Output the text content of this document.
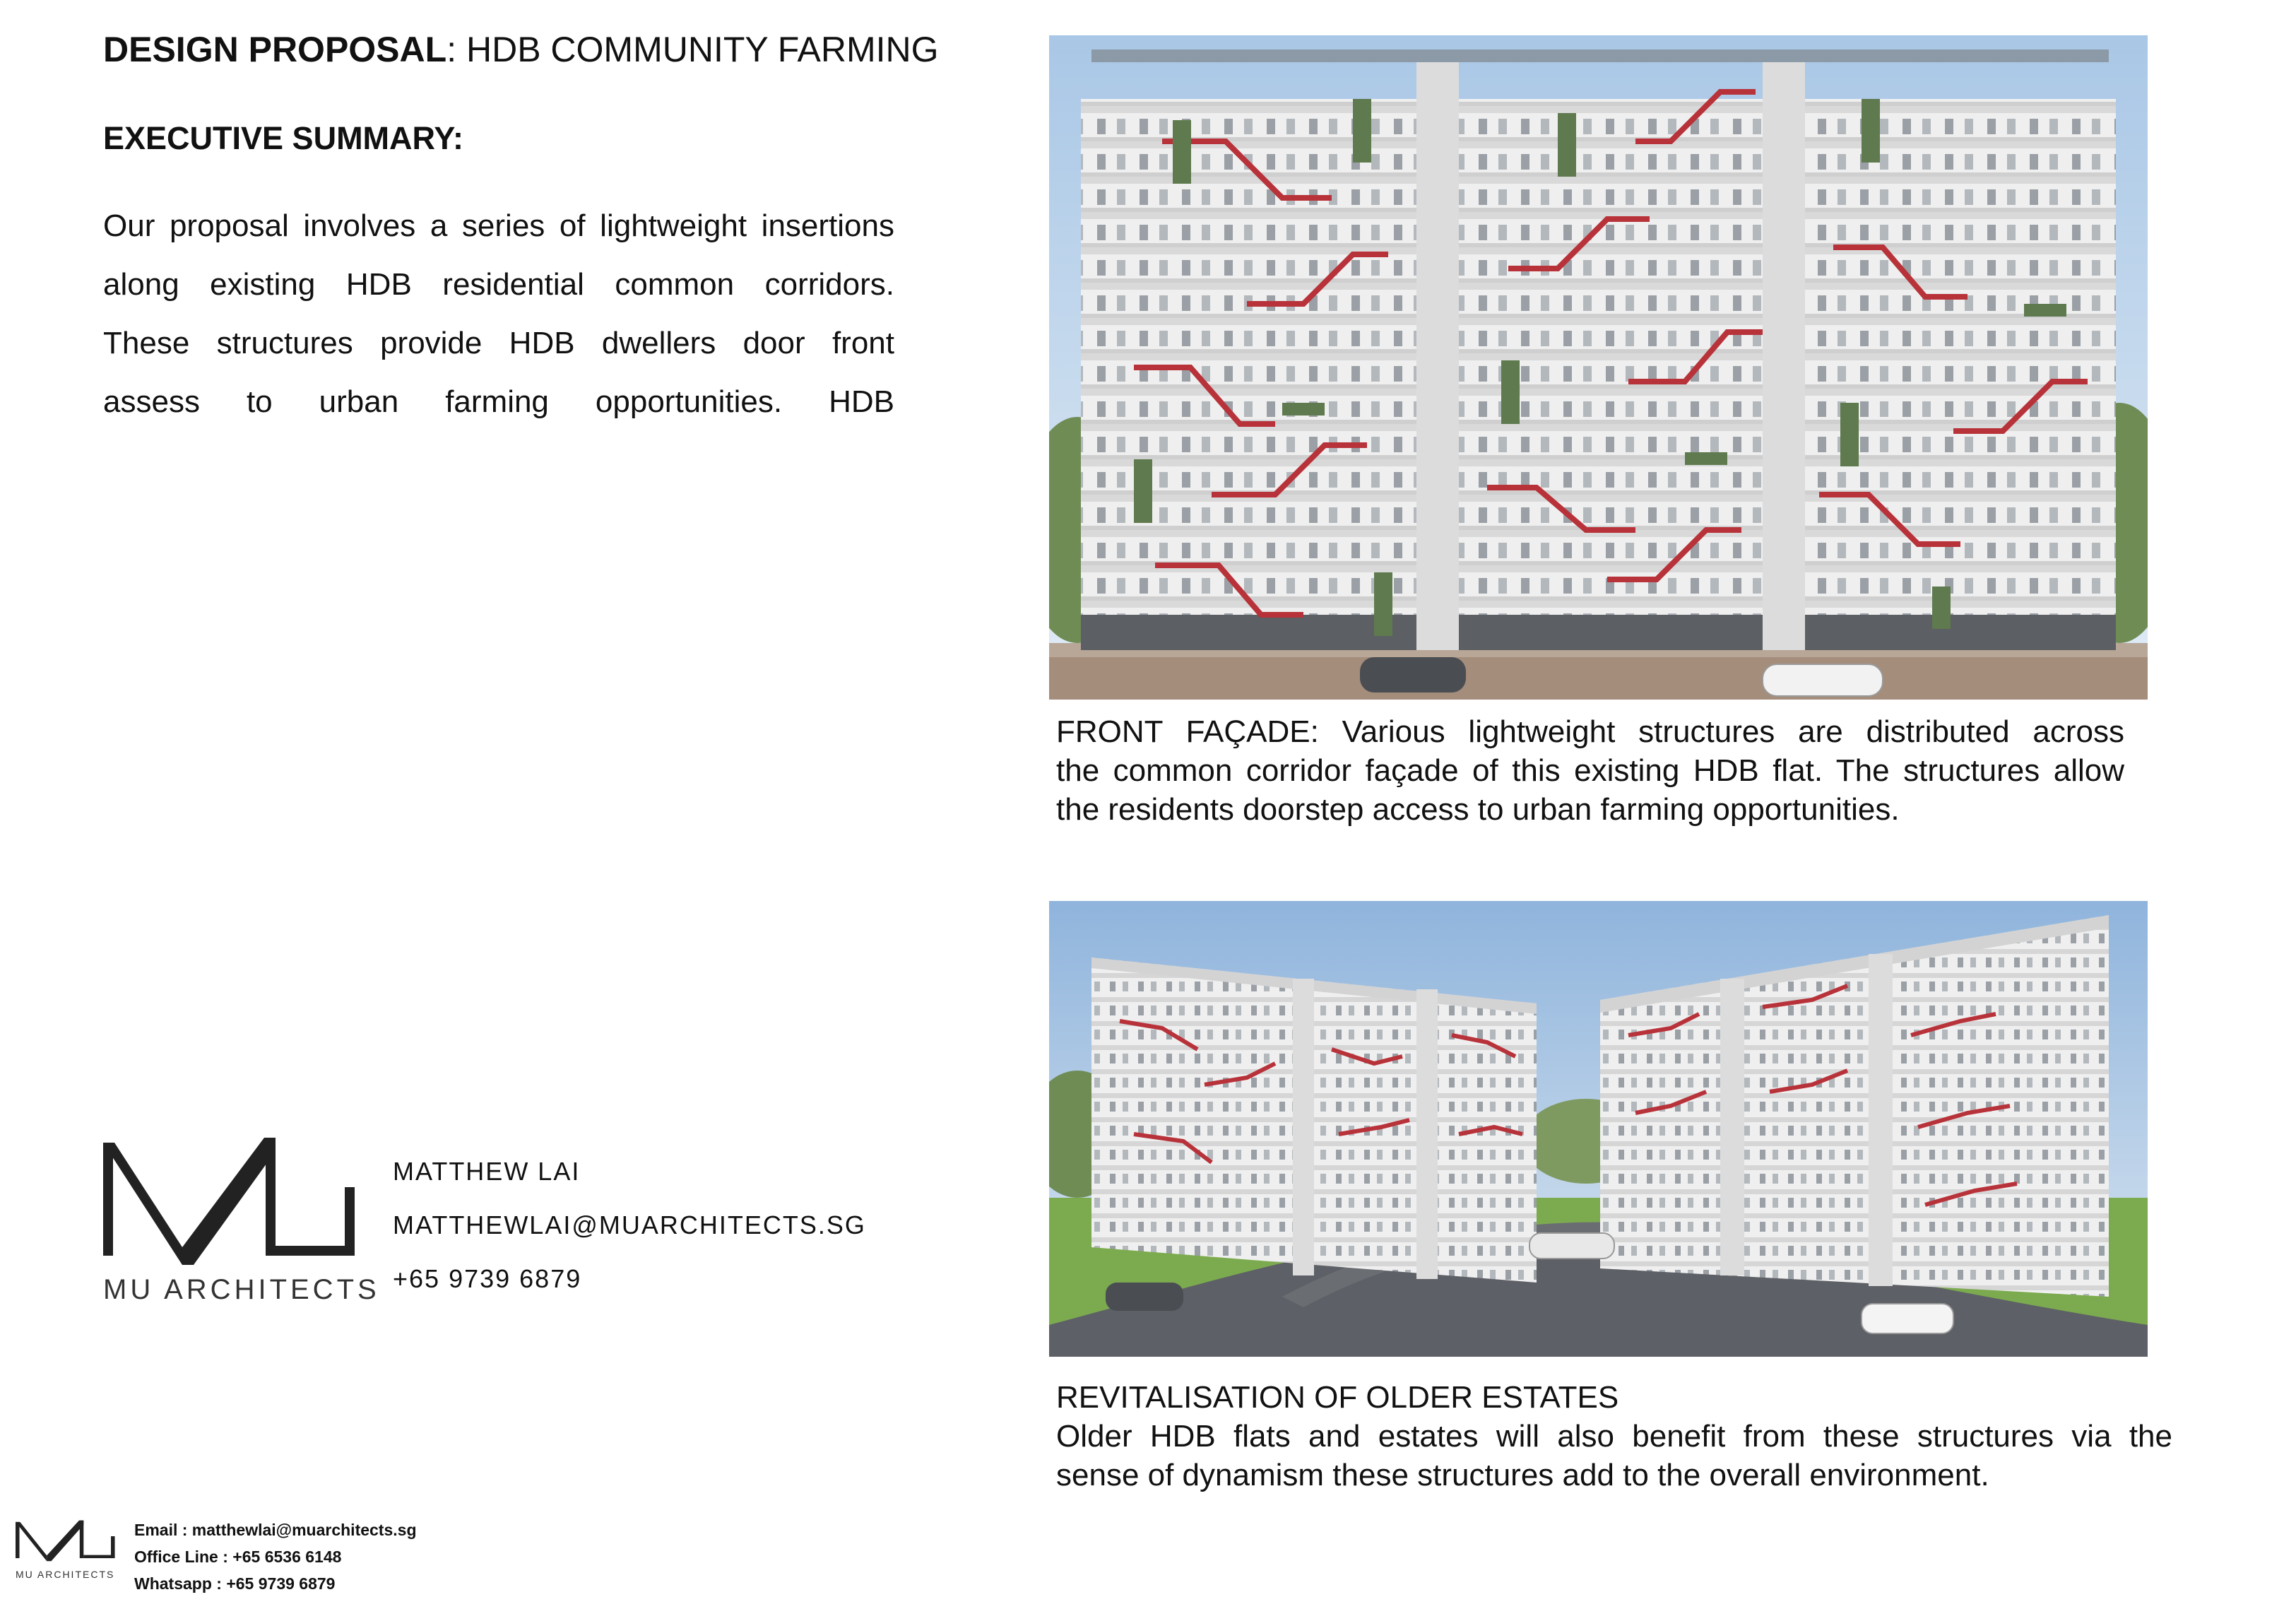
DESIGN PROPOSAL: HDB COMMUNITY FARMING
EXECUTIVE SUMMARY:
Our proposal involves a series of lightweight insertions
along existing HDB residential common corridors.
These structures provide HDB dwellers door front
assess to urban farming opportunities. HDB
MU ARCHITECTS
MATTHEW LAI
MATTHEWLAI@MUARCHITECTS.SG
+65 9739 6879
MU ARCHITECTS
Email : matthewlai@muarchitects.sg
Office Line : +65 6536 6148
Whatsapp : +65 9739 6879
FRONT FAÇADE: Various lightweight structures are distributed across
the common corridor façade of this existing HDB flat. The structures allow
the residents doorstep access to urban farming opportunities.
REVITALISATION OF OLDER ESTATES
Older HDB flats and estates will also benefit from these structures via the
sense of dynamism these structures add to the overall environment.
